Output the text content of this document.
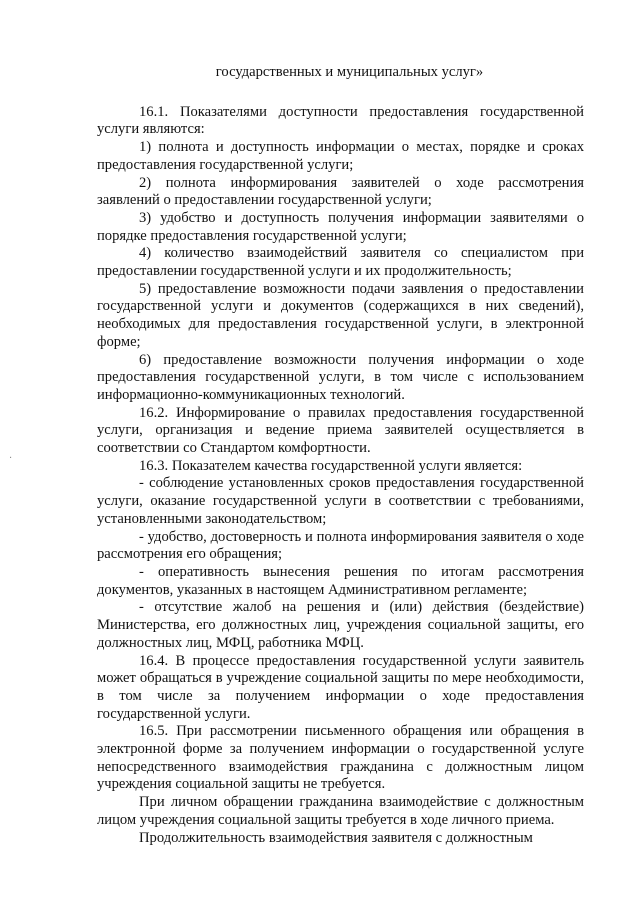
государственных и муниципальных услуг»

16.1. Показателями доступности предоставления государственной услуги являются:

1) полнота и доступность информации о местах, порядке и сроках предоставления государственной услуги;

2) полнота информирования заявителей о ходе рассмотрения заявлений о предоставлении государственной услуги;

3) удобство и доступность получения информации заявителями о порядке предоставления государственной услуги;

4) количество взаимодействий заявителя со специалистом при предоставлении государственной услуги и их продолжительность;

5) предоставление возможности подачи заявления о предоставлении государственной услуги и документов (содержащихся в них сведений), необходимых для предоставления государственной услуги, в электронной форме;

6) предоставление возможности получения информации о ходе предоставления государственной услуги, в том числе с использованием информационно-коммуникационных технологий.

16.2. Информирование о правилах предоставления государственной услуги, организация и ведение приема заявителей осуществляется в соответствии со Стандартом комфортности.

16.3. Показателем качества государственной услуги является:

- соблюдение установленных сроков предоставления государственной услуги, оказание государственной услуги в соответствии с требованиями, установленными законодательством;

- удобство, достоверность и полнота информирования заявителя о ходе рассмотрения его обращения;

- оперативность вынесения решения по итогам рассмотрения документов, указанных в настоящем Административном регламенте;

- отсутствие жалоб на решения и (или) действия (бездействие) Министерства, его должностных лиц, учреждения социальной защиты, его должностных лиц, МФЦ, работника МФЦ.

16.4. В процессе предоставления государственной услуги заявитель может обращаться в учреждение социальной защиты по мере необходимости, в том числе за получением информации о ходе предоставления государственной услуги.

16.5. При рассмотрении письменного обращения или обращения в электронной форме за получением информации о государственной услуге непосредственного взаимодействия гражданина с должностным лицом учреждения социальной защиты не требуется.

При личном обращении гражданина взаимодействие с должностным лицом учреждения социальной защиты требуется в ходе личного приема.

Продолжительность взаимодействия заявителя с должностным

·
